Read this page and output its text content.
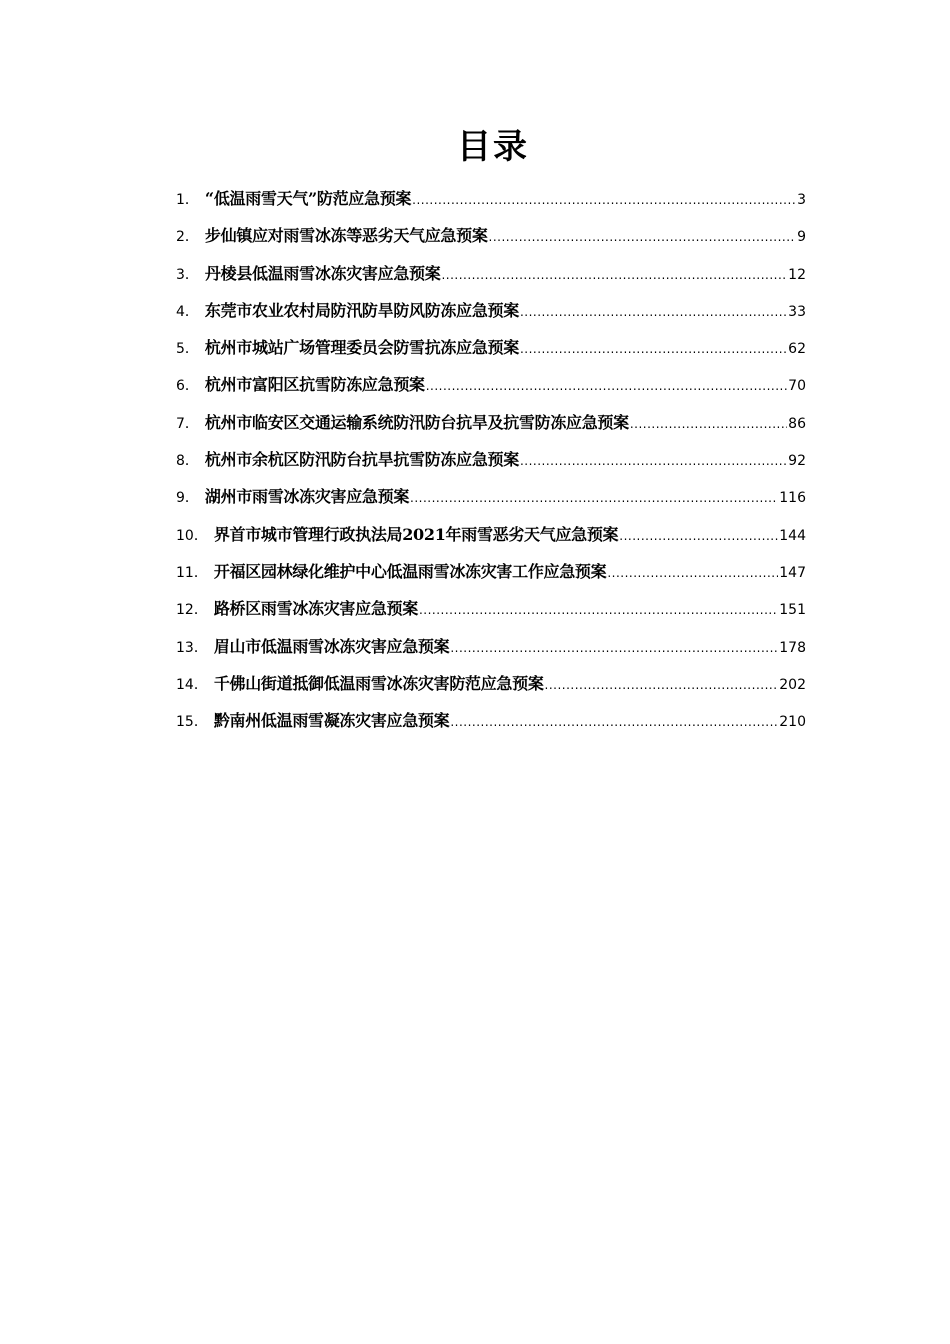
目录
1． “低温雨雪天气”防范应急预案 .....	3
2． 步仙镇应对雨雪冰冻等恶劣天气应急预案 .....	9
3． 丹棱县低温雨雪冰冻灾害应急预案 .....	12
4． 东莞市农业农村局防汛防旱防风防冻应急预案 .....	33
5． 杭州市城站广场管理委员会防雪抗冻应急预案 .....	62
6． 杭州市富阳区抗雪防冻应急预案 .....	70
7． 杭州市临安区交通运输系统防汛防台抗旱及抗雪防冻应急预案 .....	86
8． 杭州市余杭区防汛防台抗旱抗雪防冻应急预案 .....	92
9． 湖州市雨雪冰冻灾害应急预案 .....	116
10． 界首市城市管理行政执法局2021年雨雪恶劣天气应急预案 .....	144
11． 开福区园林绿化维护中心低温雨雪冰冻灾害工作应急预案 .....	147
12． 路桥区雨雪冰冻灾害应急预案 .....	151
13． 眉山市低温雨雪冰冻灾害应急预案 .....	178
14． 千佛山街道抵御低温雨雪冰冻灾害防范应急预案 .....	202
15． 黔南州低温雨雪凝冻灾害应急预案 .....	210
